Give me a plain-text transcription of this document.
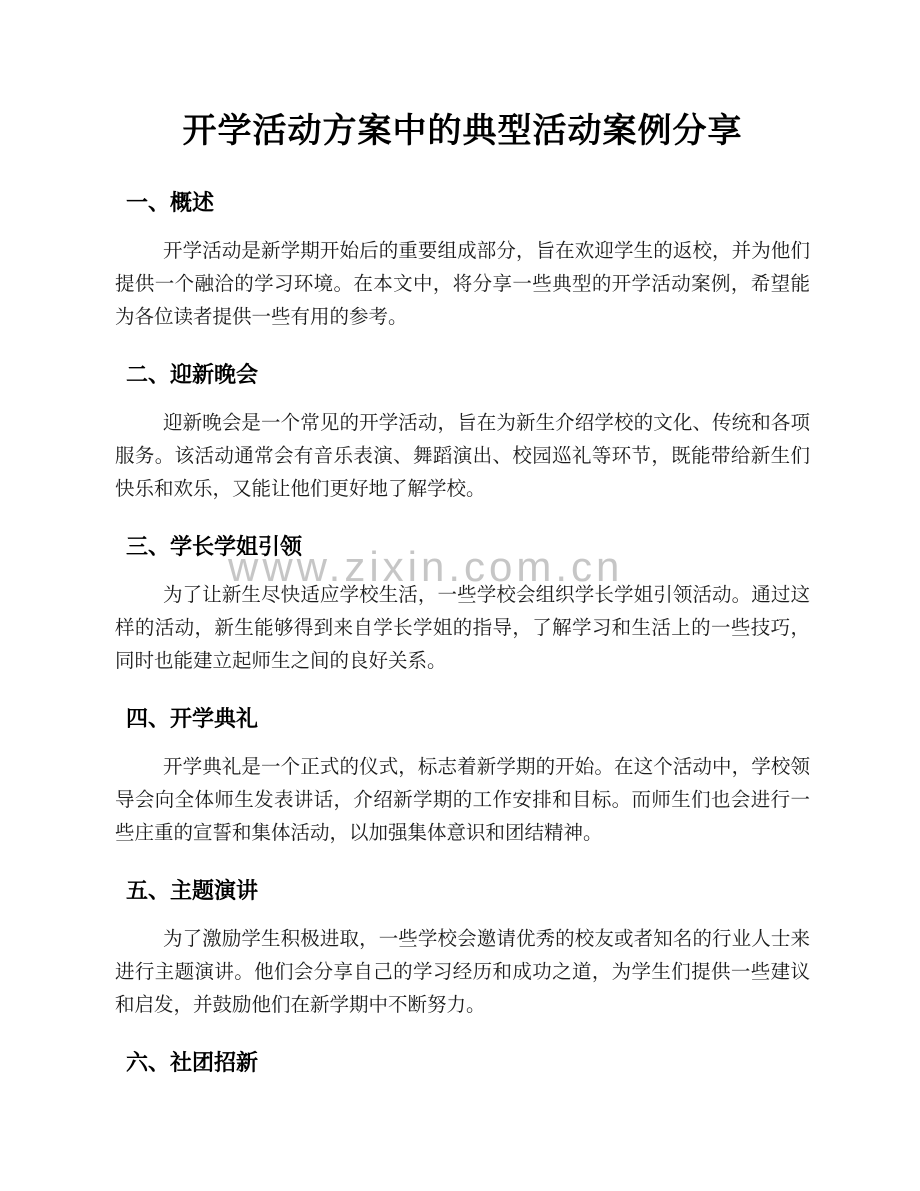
www.zixin.com.cn
开学活动方案中的典型活动案例分享
一、概述

开学活动是新学期开始后的重要组成部分，旨在欢迎学生的返校，并为他们提供一个融洽的学习环境。在本文中，将分享一些典型的开学活动案例，希望能为各位读者提供一些有用的参考。

二、迎新晚会

迎新晚会是一个常见的开学活动，旨在为新生介绍学校的文化、传统和各项服务。该活动通常会有音乐表演、舞蹈演出、校园巡礼等环节，既能带给新生们快乐和欢乐，又能让他们更好地了解学校。

三、学长学姐引领

为了让新生尽快适应学校生活，一些学校会组织学长学姐引领活动。通过这样的活动，新生能够得到来自学长学姐的指导，了解学习和生活上的一些技巧，同时也能建立起师生之间的良好关系。

四、开学典礼

开学典礼是一个正式的仪式，标志着新学期的开始。在这个活动中，学校领导会向全体师生发表讲话，介绍新学期的工作安排和目标。而师生们也会进行一些庄重的宣誓和集体活动，以加强集体意识和团结精神。

五、主题演讲

为了激励学生积极进取，一些学校会邀请优秀的校友或者知名的行业人士来进行主题演讲。他们会分享自己的学习经历和成功之道，为学生们提供一些建议和启发，并鼓励他们在新学期中不断努力。

六、社团招新
